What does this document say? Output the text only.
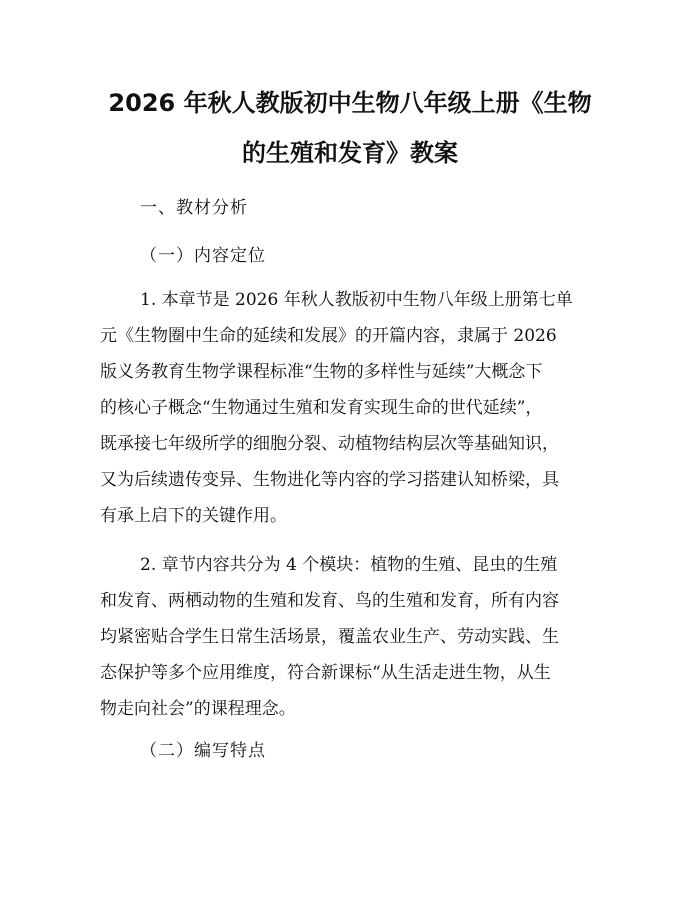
2026 年秋人教版初中生物八年级上册《生物
的生殖和发育》教案

一、教材分析

（一）内容定位

1. 本章节是 2026 年秋人教版初中生物八年级上册第七单
元《生物圈中生命的延续和发展》的开篇内容，隶属于 2026
版义务教育生物学课程标准“生物的多样性与延续”大概念下
的核心子概念“生物通过生殖和发育实现生命的世代延续”，
既承接七年级所学的细胞分裂、动植物结构层次等基础知识，
又为后续遗传变异、生物进化等内容的学习搭建认知桥梁，具
有承上启下的关键作用。
2. 章节内容共分为 4 个模块：植物的生殖、昆虫的生殖
和发育、两栖动物的生殖和发育、鸟的生殖和发育，所有内容
均紧密贴合学生日常生活场景，覆盖农业生产、劳动实践、生
态保护等多个应用维度，符合新课标“从生活走进生物，从生
物走向社会”的课程理念。

（二）编写特点
